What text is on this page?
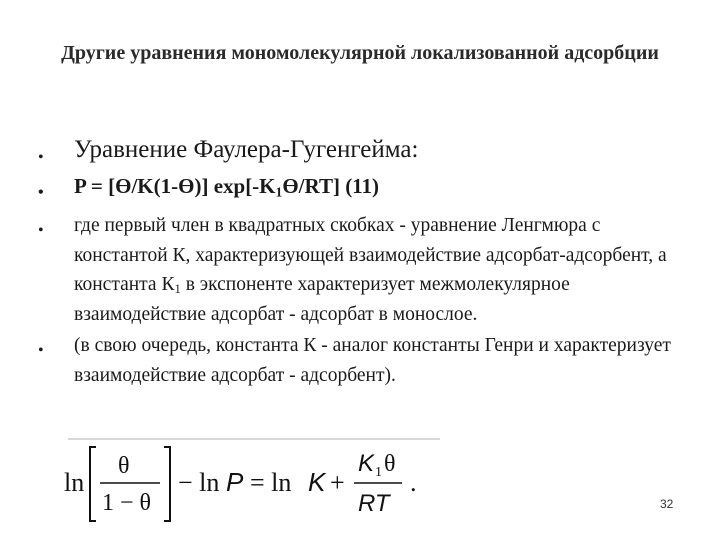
Другие уравнения мономолекулярной локализованной адсорбции
• Уравнение Фаулера-Гугенгейма:
• P = [Ө/K(1-Ө)] $\exp[-K_1Ө/RT]$ (11)
• где первый член в квадратных скобках - уравнение Ленгмюра с константой К, характеризующей взаимодействие адсорбат-адсорбент, а константа $К_1$ в экспоненте характеризует межмолекулярное взаимодействие адсорбат - адсорбат в монослое.
• (в свою очередь, константа К - аналог константы Генри и характеризует взаимодействие адсорбат - адсорбент).
ln
θ
1 − θ
− ln P = ln K +
K 1 θ
RT
.
32
